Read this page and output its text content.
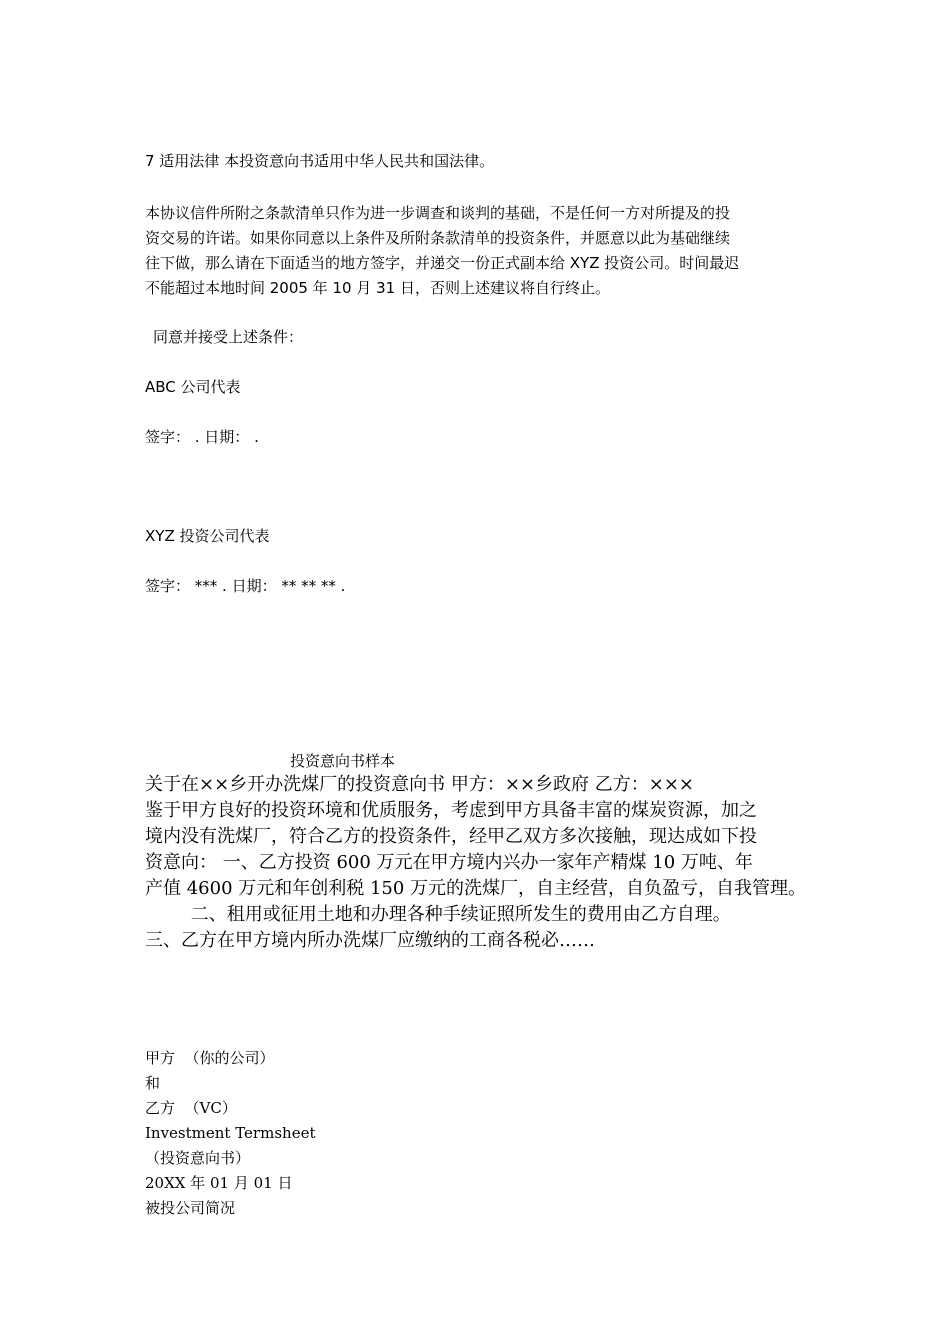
7 适用法律 本投资意向书适用中华人民共和国法律。
本协议信件所附之条款清单只作为进一步调查和谈判的基础，不是任何一方对所提及的投
资交易的许诺。如果你同意以上条件及所附条款清单的投资条件，并愿意以此为基础继续
往下做，那么请在下面适当的地方签字，并递交一份正式副本给 XYZ 投资公司。时间最迟
不能超过本地时间 2005 年 10 月 31 日，否则上述建议将自行终止。
同意并接受上述条件：
ABC 公司代表
签字： . 日期： .
XYZ 投资公司代表
签字： *** . 日期： ** ** ** .
投资意向书样本
关于在××乡开办洗煤厂的投资意向书 甲方：××乡政府 乙方：×××
鉴于甲方良好的投资环境和优质服务，考虑到甲方具备丰富的煤炭资源，加之
境内没有洗煤厂，符合乙方的投资条件，经甲乙双方多次接触，现达成如下投
资意向： 一、乙方投资 600 万元在甲方境内兴办一家年产精煤 10 万吨、年
产值 4600 万元和年创利税 150 万元的洗煤厂，自主经营，自负盈亏，自我管理。
二、租用或征用土地和办理各种手续证照所发生的费用由乙方自理。
三、乙方在甲方境内所办洗煤厂应缴纳的工商各税必……
甲方  （你的公司）
和
乙方  （VC）
Investment Termsheet
（投资意向书）
20XX 年 01 月 01 日
被投公司简况
